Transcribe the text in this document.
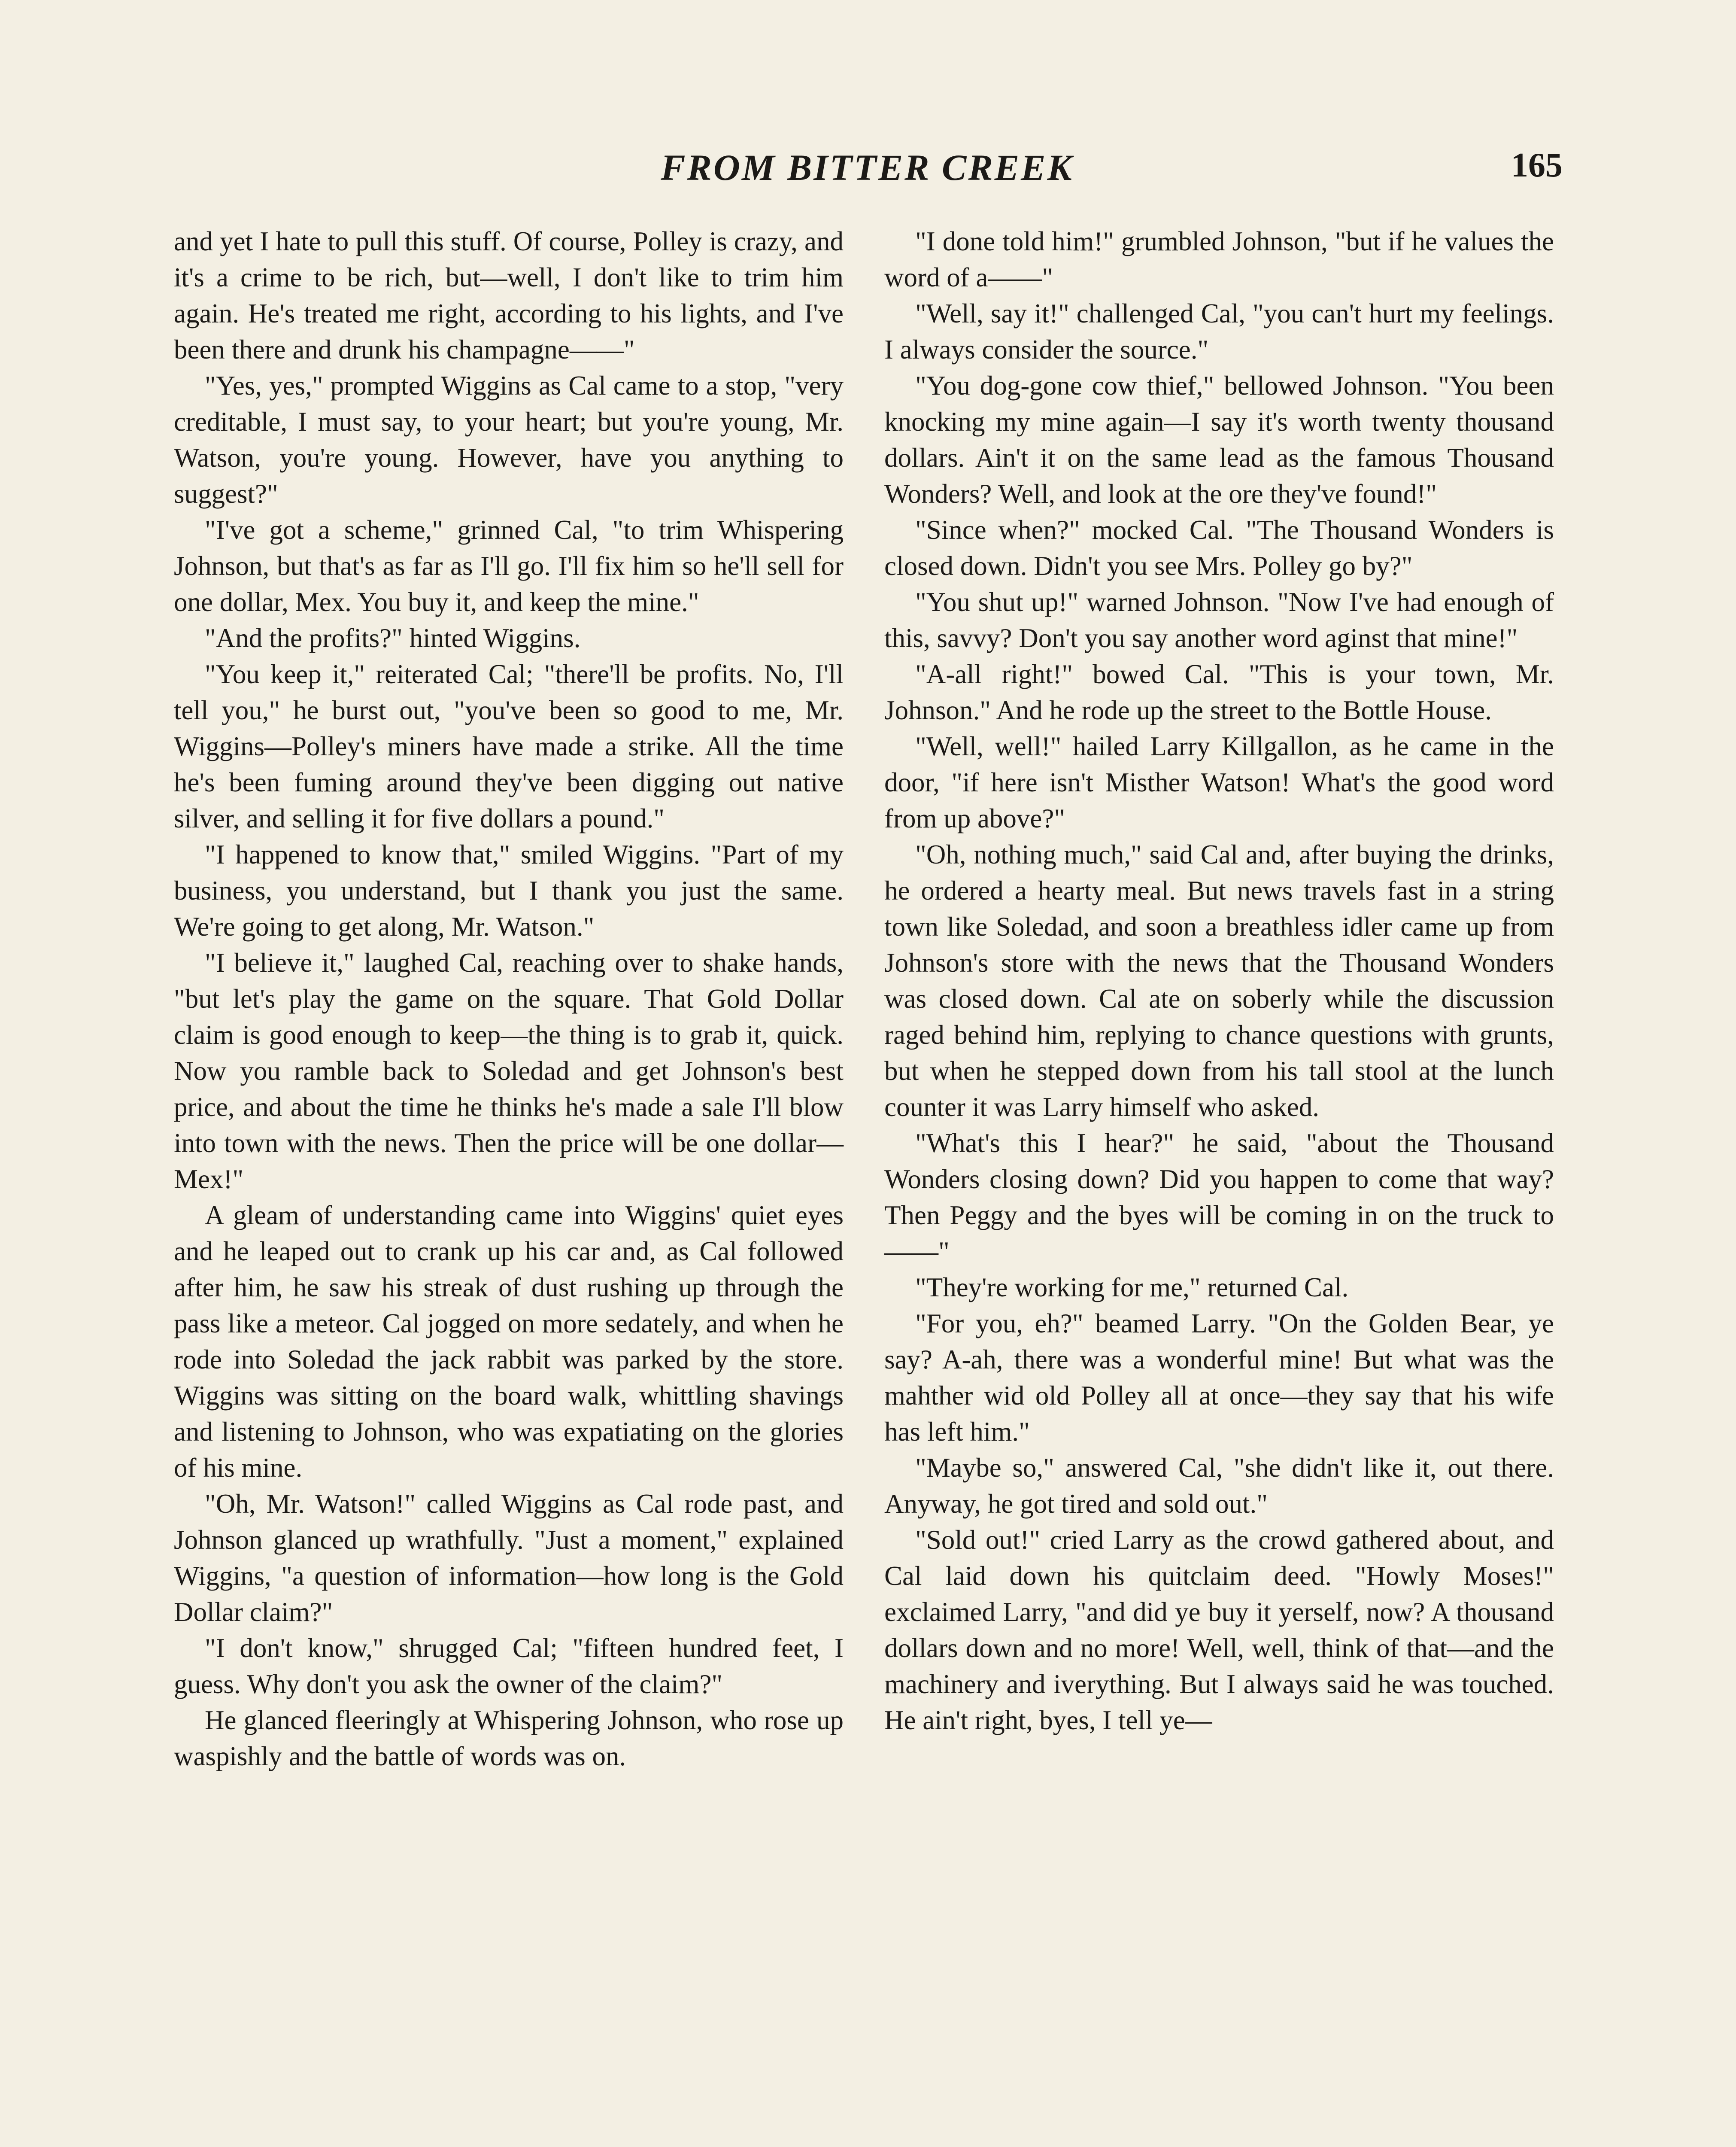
FROM BITTER CREEK	165

and yet I hate to pull this stuff. Of course, Polley is crazy, and it's a crime to be rich, but—well, I don't like to trim him again. He's treated me right, according to his lights, and I've been there and drunk his champagne——"

"Yes, yes," prompted Wiggins as Cal came to a stop, "very creditable, I must say, to your heart; but you're young, Mr. Watson, you're young. However, have you anything to suggest?"

"I've got a scheme," grinned Cal, "to trim Whispering Johnson, but that's as far as I'll go. I'll fix him so he'll sell for one dollar, Mex. You buy it, and keep the mine."

"And the profits?" hinted Wiggins.

"You keep it," reiterated Cal; "there'll be profits. No, I'll tell you," he burst out, "you've been so good to me, Mr. Wiggins—Polley's miners have made a strike. All the time he's been fuming around they've been digging out native silver, and selling it for five dollars a pound."

"I happened to know that," smiled Wiggins. "Part of my business, you understand, but I thank you just the same. We're going to get along, Mr. Watson."

"I believe it," laughed Cal, reaching over to shake hands, "but let's play the game on the square. That Gold Dollar claim is good enough to keep—the thing is to grab it, quick. Now you ramble back to Soledad and get Johnson's best price, and about the time he thinks he's made a sale I'll blow into town with the news. Then the price will be one dollar—Mex!"

A gleam of understanding came into Wiggins' quiet eyes and he leaped out to crank up his car and, as Cal followed after him, he saw his streak of dust rushing up through the pass like a meteor. Cal jogged on more sedately, and when he rode into Soledad the jack rabbit was parked by the store. Wiggins was sitting on the board walk, whittling shavings and listening to Johnson, who was expatiating on the glories of his mine.

"Oh, Mr. Watson!" called Wiggins as Cal rode past, and Johnson glanced up wrathfully. "Just a moment," explained Wiggins, "a question of information—how long is the Gold Dollar claim?"

"I don't know," shrugged Cal; "fifteen hundred feet, I guess. Why don't you ask the owner of the claim?"

He glanced fleeringly at Whispering Johnson, who rose up waspishly and the battle of words was on.

"I done told him!" grumbled Johnson, "but if he values the word of a——"

"Well, say it!" challenged Cal, "you can't hurt my feelings. I always consider the source."

"You dog-gone cow thief," bellowed Johnson. "You been knocking my mine again—I say it's worth twenty thousand dollars. Ain't it on the same lead as the famous Thousand Wonders? Well, and look at the ore they've found!"

"Since when?" mocked Cal. "The Thousand Wonders is closed down. Didn't you see Mrs. Polley go by?"

"You shut up!" warned Johnson. "Now I've had enough of this, savvy? Don't you say another word aginst that mine!"

"A-all right!" bowed Cal. "This is your town, Mr. Johnson." And he rode up the street to the Bottle House.

"Well, well!" hailed Larry Killgallon, as he came in the door, "if here isn't Misther Watson! What's the good word from up above?"

"Oh, nothing much," said Cal and, after buying the drinks, he ordered a hearty meal. But news travels fast in a string town like Soledad, and soon a breathless idler came up from Johnson's store with the news that the Thousand Wonders was closed down. Cal ate on soberly while the discussion raged behind him, replying to chance questions with grunts, but when he stepped down from his tall stool at the lunch counter it was Larry himself who asked.

"What's this I hear?" he said, "about the Thousand Wonders closing down? Did you happen to come that way? Then Peggy and the byes will be coming in on the truck to——"

"They're working for me," returned Cal.

"For you, eh?" beamed Larry. "On the Golden Bear, ye say? A-ah, there was a wonderful mine! But what was the mahther wid old Polley all at once—they say that his wife has left him."

"Maybe so," answered Cal, "she didn't like it, out there. Anyway, he got tired and sold out."

"Sold out!" cried Larry as the crowd gathered about, and Cal laid down his quitclaim deed. "Howly Moses!" exclaimed Larry, "and did ye buy it yerself, now? A thousand dollars down and no more! Well, well, think of that—and the machinery and iverything. But I always said he was touched. He ain't right, byes, I tell ye—
